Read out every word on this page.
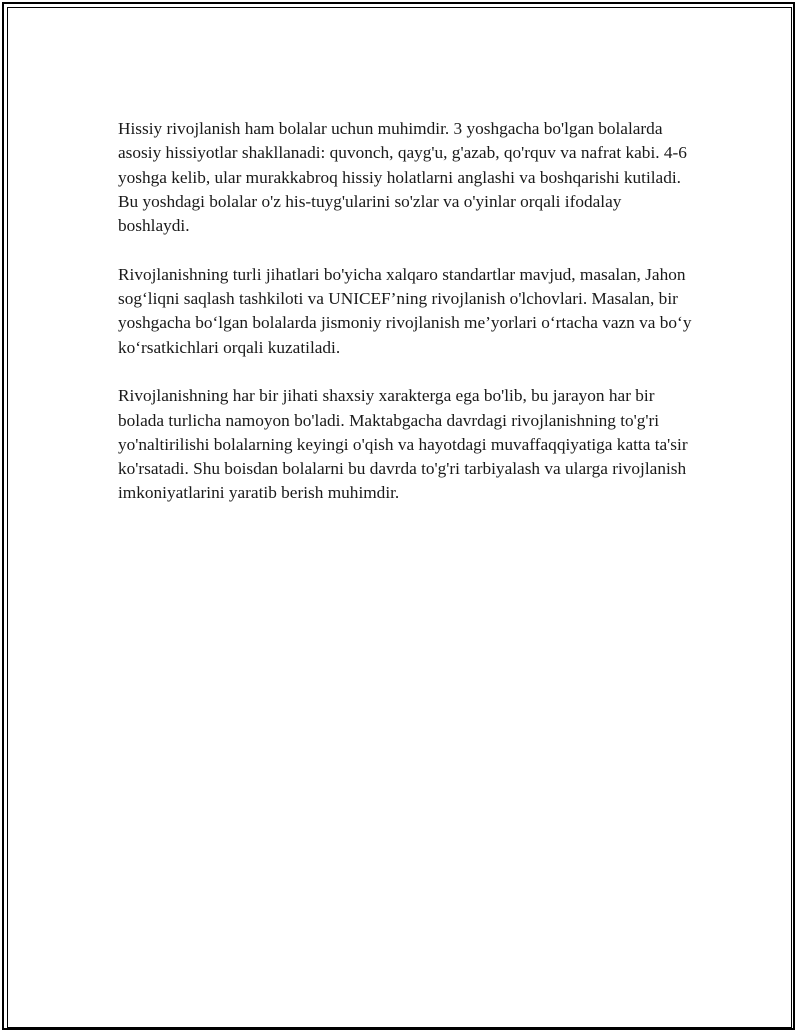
Hissiy rivojlanish ham bolalar uchun muhimdir. 3 yoshgacha bo'lgan bolalarda asosiy hissiyotlar shakllanadi: quvonch, qayg'u, g'azab, qo'rquv va nafrat kabi. 4-6 yoshga kelib, ular murakkabroq hissiy holatlarni anglashi va boshqarishi kutiladi. Bu yoshdagi bolalar o'z his-tuyg'ularini so'zlar va o'yinlar orqali ifodalay boshlaydi.

Rivojlanishning turli jihatlari bo'yicha xalqaro standartlar mavjud, masalan, Jahon sog‘liqni saqlash tashkiloti va UNICEF’ning rivojlanish o'lchovlari. Masalan, bir yoshgacha bo‘lgan bolalarda jismoniy rivojlanish me’yorlari o‘rtacha vazn va bo‘y ko‘rsatkichlari orqali kuzatiladi.

Rivojlanishning har bir jihati shaxsiy xarakterga ega bo'lib, bu jarayon har bir bolada turlicha namoyon bo'ladi. Maktabgacha davrdagi rivojlanishning to'g'ri yo'naltirilishi bolalarning keyingi o'qish va hayotdagi muvaffaqqiyatiga katta ta'sir ko'rsatadi. Shu boisdan bolalarni bu davrda to'g'ri tarbiyalash va ularga rivojlanish imkoniyatlarini yaratib berish muhimdir.
